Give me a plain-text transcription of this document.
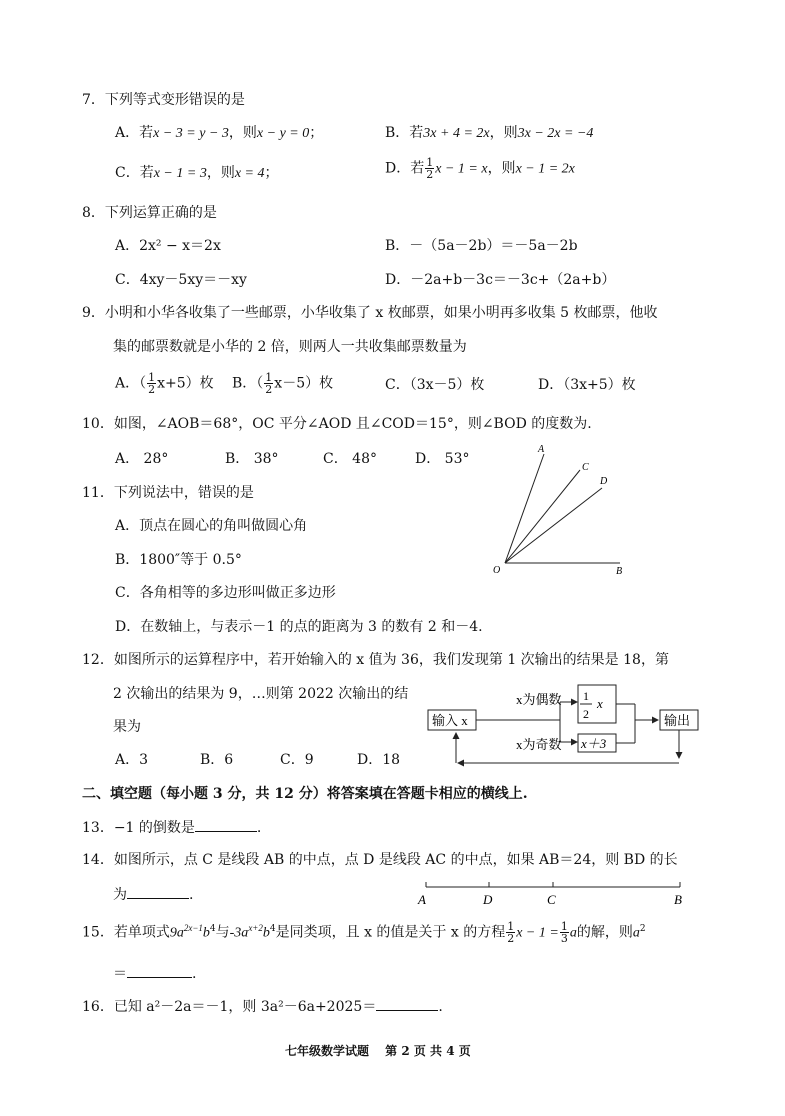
7．下列等式变形错误的是
A．若x − 3 = y − 3，则x − y = 0；	B．若3x + 4 = 2x，则3x − 2x = −4
C．若x − 1 = 3，则x = 4；	D．若 $\frac{1}{2}$ x − 1 = x，则x − 1 = 2x
8．下列运算正确的是
A．2x² − x＝2x	B．－（5a－2b）＝－5a－2b
C．4xy－5xy＝－xy	D．－2a+b－3c＝－3c+（2a+b）
9．小明和小华各收集了一些邮票，小华收集了 x 枚邮票，如果小明再多收集 5 枚邮票，他收
集的邮票数就是小华的 2 倍，则两人一共收集邮票数量为
A．（ $\frac{1}{2} x+5$）枚 B．（ $\frac{1}{2} x-5$）枚	C．（3x－5）枚	D．（3x+5）枚
10．如图，∠AOB＝68°，OC 平分∠AOD 且∠COD＝15°，则∠BOD 的度数为.
A． 28°	B． 38°	C． 48°	D． 53°
A
C
D
O	B
11．下列说法中，错误的是
A．顶点在圆心的角叫做圆心角
B．1800″等于 0.5°
C．各角相等的多边形叫做正多边形
D．在数轴上，与表示－1 的点的距离为 3 的数有 2 和－4.
12．如图所示的运算程序中，若开始输入的 x 值为 36，我们发现第 1 次输出的结果是 18，第
2 次输出的结果为 9，…则第 2022 次输出的结
果为
A．3	B．6	C．9	D．18
输入 x
x为偶数
x为奇数
1
2
x
x＋3
输出
二、填空题（每小题 3 分，共 12 分）将答案填在答题卡相应的横线上.
13．−1 的倒数是	.
14．如图所示，点 C 是线段 AB 的中点，点 D 是线段 AC 的中点，如果 AB＝24，则 BD 的长
为	.	A	D	C	B
15．若单项式$9a^{2x-1}b^4$与$-3a^{x+2}b^4$是同类项，且 x 的值是关于 x 的方程 $\frac{1}{2}$ $x - 1 = \frac{1}{3}$ a的解，则$a^2$
＝	.
16．已知 a²－2a＝－1，则 3a²－6a+2025＝	.
七年级数学试题　 第 2 页 共 4 页
